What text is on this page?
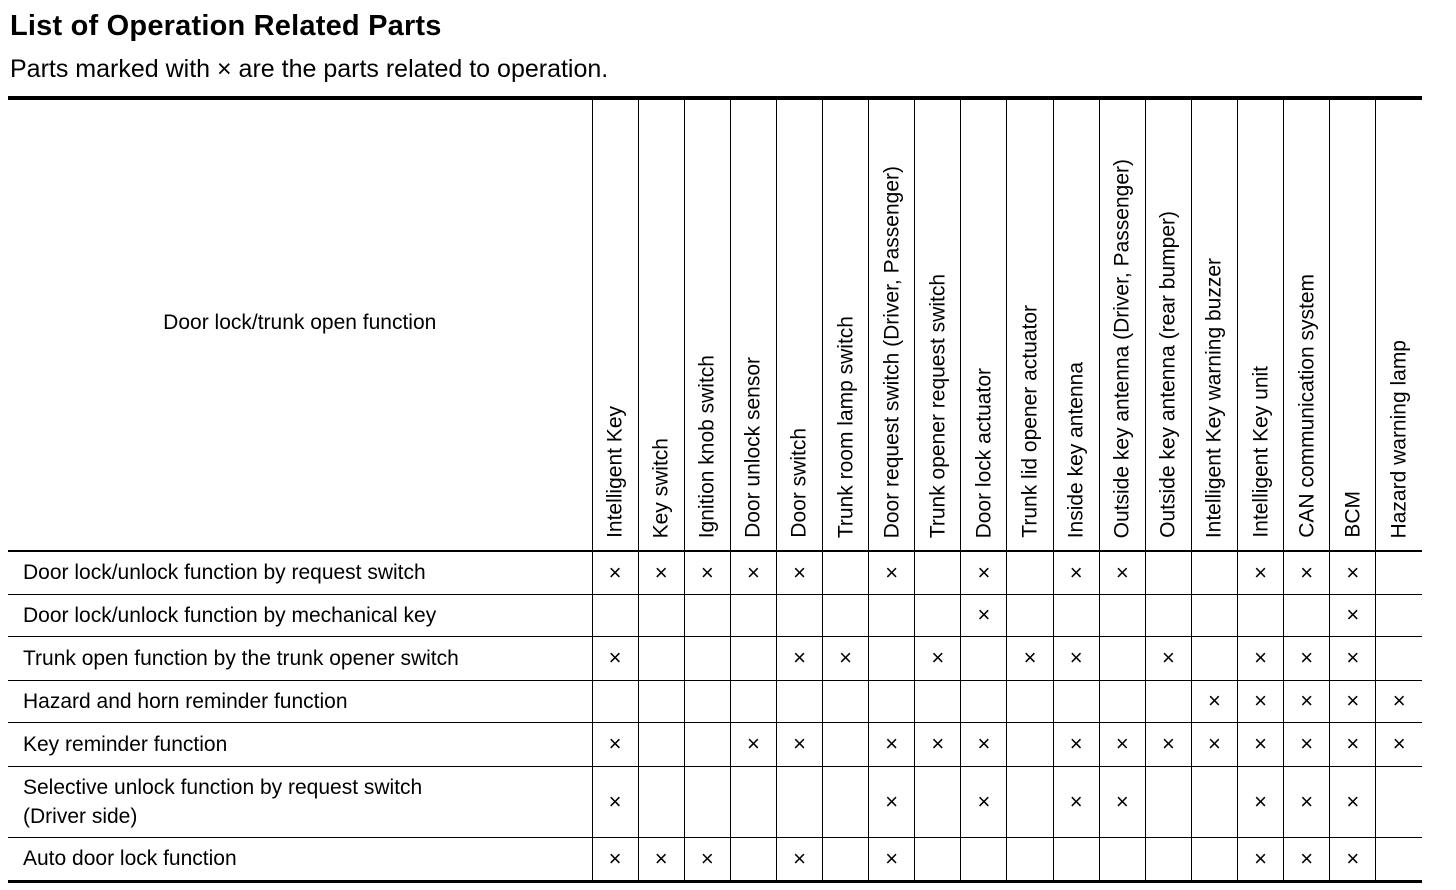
List of Operation Related Parts

Parts marked with × are the parts related to operation.

Door lock/trunk open function	Intelligent Key	Key switch	Ignition knob switch	Door unlock sensor	Door switch	Trunk room lamp switch	Door request switch (Driver, Passenger)	Trunk opener request switch	Door lock actuator	Trunk lid opener actuator	Inside key antenna	Outside key antenna (Driver, Passenger)	Outside key antenna (rear bumper)	Intelligent Key warning buzzer	Intelligent Key unit	CAN communication system	BCM	Hazard warning lamp

Door lock/unlock function by request switch	×	×	×	×	×		×		×		×	×			×	×	×	

Door lock/unlock function by mechanical key									×								×	

Trunk open function by the trunk opener switch	×				×	×		×		×	×		×		×	×	×	

Hazard and horn reminder function														×	×	×	×	×

Key reminder function	×			×	×		×	×	×		×	×	×	×	×	×	×	×

Selective unlock function by request switch
(Driver side)	×						×		×		×	×			×	×	×	

Auto door lock function	×	×	×		×		×								×	×	×	
